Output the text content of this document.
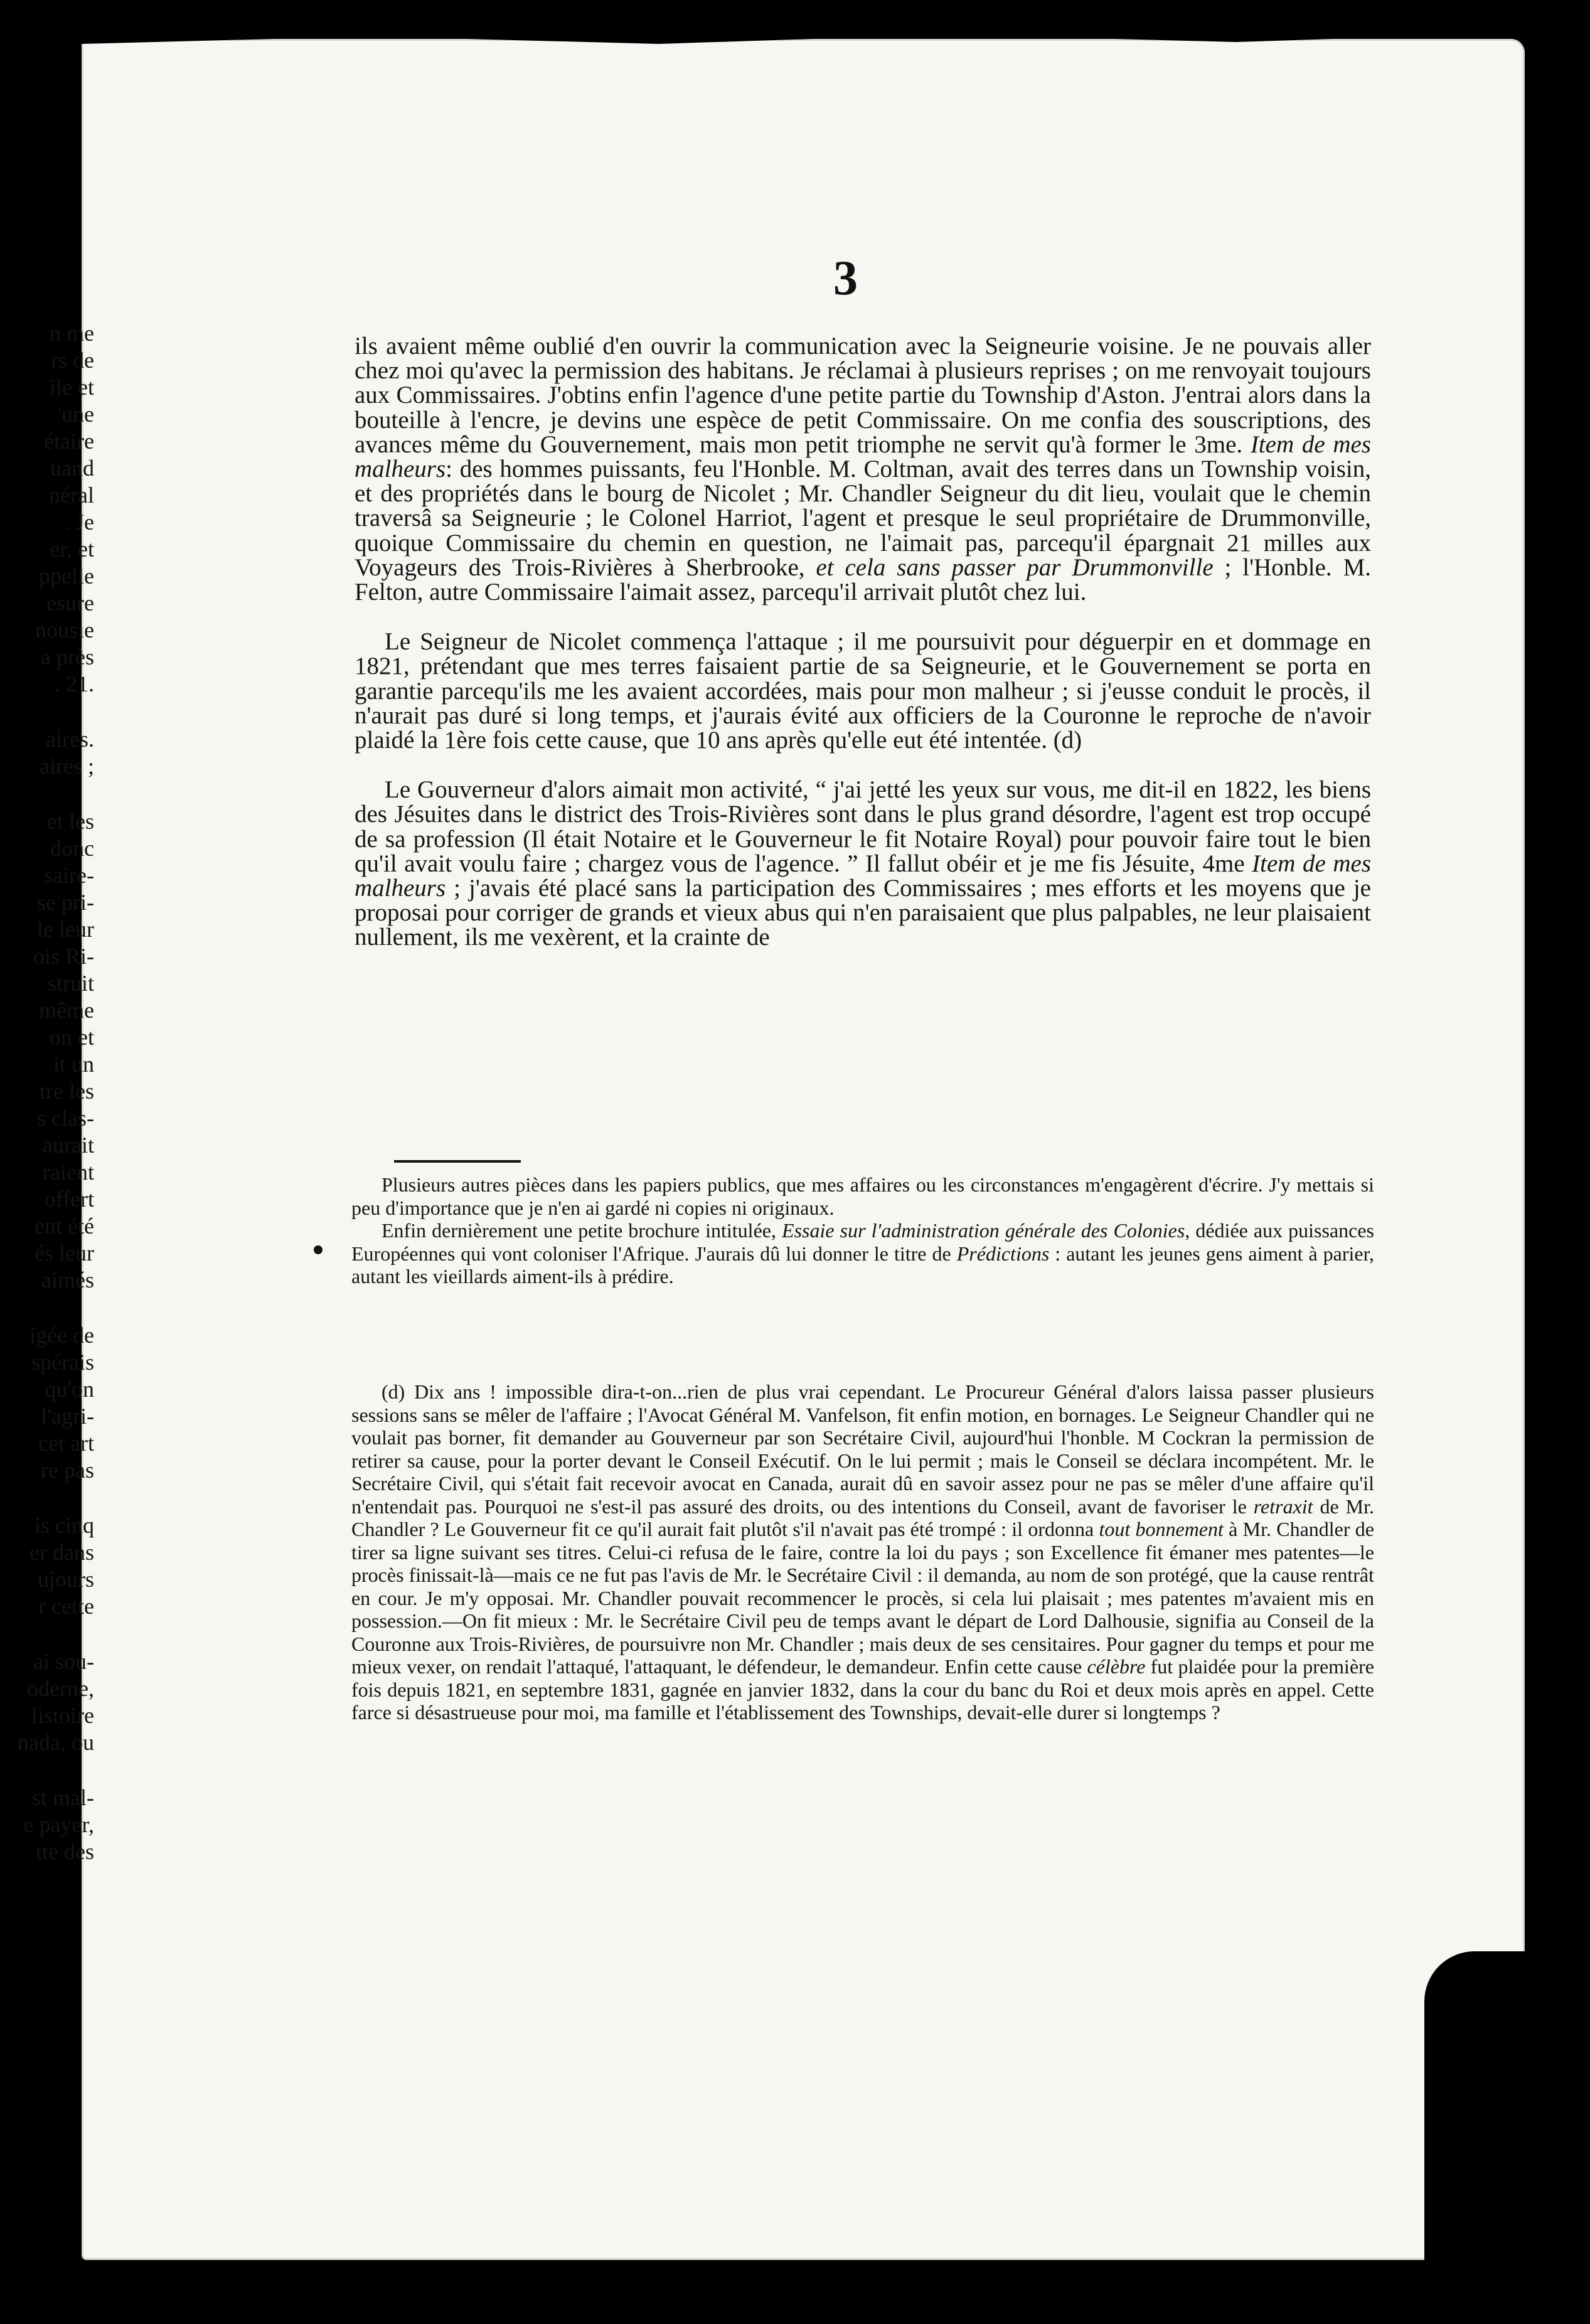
n me
rs de
ile et
'une
étaire
uand
néral
. Je
er, et
ppelle
esure
nousie
a près
. 21.
aires.
aires ;
et les
donc
saire-
se pri-
le leur
ois Ri-
struit
même
on et
it un
tre les
s clas-
aurait
raient
offert
ent été
és leur
aimés
igée de
spérais
qu'on
l'agri-
cet art
re pas
is cinq
er dans
ujours
r cette
ai sou-
oderne,
listoire
nada, ou
st mal-
e payer,
tte des
3

ils avaient même oublié d'en ouvrir la communication avec la Seigneurie voisine. Je ne pouvais aller chez moi qu'avec la permission des habitans. Je réclamai à plusieurs reprises ; on me renvoyait toujours aux Commissaires. J'obtins enfin l'agence d'une petite partie du Township d'Aston. J'entrai alors dans la bouteille à l'encre, je devins une espèce de petit Commissaire. On me confia des souscriptions, des avances même du Gouvernement, mais mon petit triomphe ne servit qu'à former le 3me. Item de mes malheurs: des hommes puissants, feu l'Honble. M. Coltman, avait des terres dans un Township voisin, et des propriétés dans le bourg de Nicolet ; Mr. Chandler Seigneur du dit lieu, voulait que le chemin traversâ sa Seigneurie ; le Colonel Harriot, l'agent et presque le seul propriétaire de Drummonville, quoique Commissaire du chemin en question, ne l'aimait pas, parcequ'il épargnait 21 milles aux Voyageurs des Trois-Rivières à Sherbrooke, et cela sans passer par Drummonville ; l'Honble. M. Felton, autre Commissaire l'aimait assez, parcequ'il arrivait plutôt chez lui.

Le Seigneur de Nicolet commença l'attaque ; il me poursuivit pour déguerpir en et dommage en 1821, prétendant que mes terres faisaient partie de sa Seigneurie, et le Gouvernement se porta en garantie parcequ'ils me les avaient accordées, mais pour mon malheur ; si j'eusse conduit le procès, il n'aurait pas duré si long temps, et j'aurais évité aux officiers de la Couronne le reproche de n'avoir plaidé la 1ère fois cette cause, que 10 ans après qu'elle eut été intentée. (d)

Le Gouverneur d'alors aimait mon activité, “ j'ai jetté les yeux sur vous, me dit-il en 1822, les biens des Jésuites dans le district des Trois-Rivières sont dans le plus grand désordre, l'agent est trop occupé de sa profession (Il était Notaire et le Gouverneur le fit Notaire Royal) pour pouvoir faire tout le bien qu'il avait voulu faire ; chargez vous de l'agence. ” Il fallut obéir et je me fis Jésuite, 4me Item de mes malheurs ; j'avais été placé sans la participation des Commissaires ; mes efforts et les moyens que je proposai pour corriger de grands et vieux abus qui n'en paraisaient que plus palpables, ne leur plaisaient nullement, ils me vexèrent, et la crainte de

Plusieurs autres pièces dans les papiers publics, que mes affaires ou les circonstances m'engagèrent d'écrire. J'y mettais si peu d'importance que je n'en ai gardé ni copies ni originaux.

Enfin dernièrement une petite brochure intitulée, Essaie sur l'administration générale des Colonies, dédiée aux puissances Européennes qui vont coloniser l'Afrique. J'aurais dû lui donner le titre de Prédictions : autant les jeunes gens aiment à parier, autant les vieillards aiment-ils à prédire.

(d) Dix ans ! impossible dira-t-on...rien de plus vrai cependant. Le Procureur Général d'alors laissa passer plusieurs sessions sans se mêler de l'affaire ; l'Avocat Général M. Vanfelson, fit enfin motion, en bornages. Le Seigneur Chandler qui ne voulait pas borner, fit demander au Gouverneur par son Secrétaire Civil, aujourd'hui l'honble. M Cockran la permission de retirer sa cause, pour la porter devant le Conseil Exécutif. On le lui permit ; mais le Conseil se déclara incompétent. Mr. le Secrétaire Civil, qui s'était fait recevoir avocat en Canada, aurait dû en savoir assez pour ne pas se mêler d'une affaire qu'il n'entendait pas. Pourquoi ne s'est-il pas assuré des droits, ou des intentions du Conseil, avant de favoriser le retraxit de Mr. Chandler ? Le Gouverneur fit ce qu'il aurait fait plutôt s'il n'avait pas été trompé : il ordonna tout bonnement à Mr. Chandler de tirer sa ligne suivant ses titres. Celui-ci refusa de le faire, contre la loi du pays ; son Excellence fit émaner mes patentes—le procès finissait-là—mais ce ne fut pas l'avis de Mr. le Secrétaire Civil : il demanda, au nom de son protégé, que la cause rentrât en cour. Je m'y opposai. Mr. Chandler pouvait recommencer le procès, si cela lui plaisait ; mes patentes m'avaient mis en possession.—On fit mieux : Mr. le Secrétaire Civil peu de temps avant le départ de Lord Dalhousie, signifia au Conseil de la Couronne aux Trois-Rivières, de poursuivre non Mr. Chandler ; mais deux de ses censitaires. Pour gagner du temps et pour me mieux vexer, on rendait l'attaqué, l'attaquant, le défendeur, le demandeur. Enfin cette cause célèbre fut plaidée pour la première fois depuis 1821, en septembre 1831, gagnée en janvier 1832, dans la cour du banc du Roi et deux mois après en appel. Cette farce si désastrueuse pour moi, ma famille et l'établissement des Townships, devait-elle durer si longtemps ?
